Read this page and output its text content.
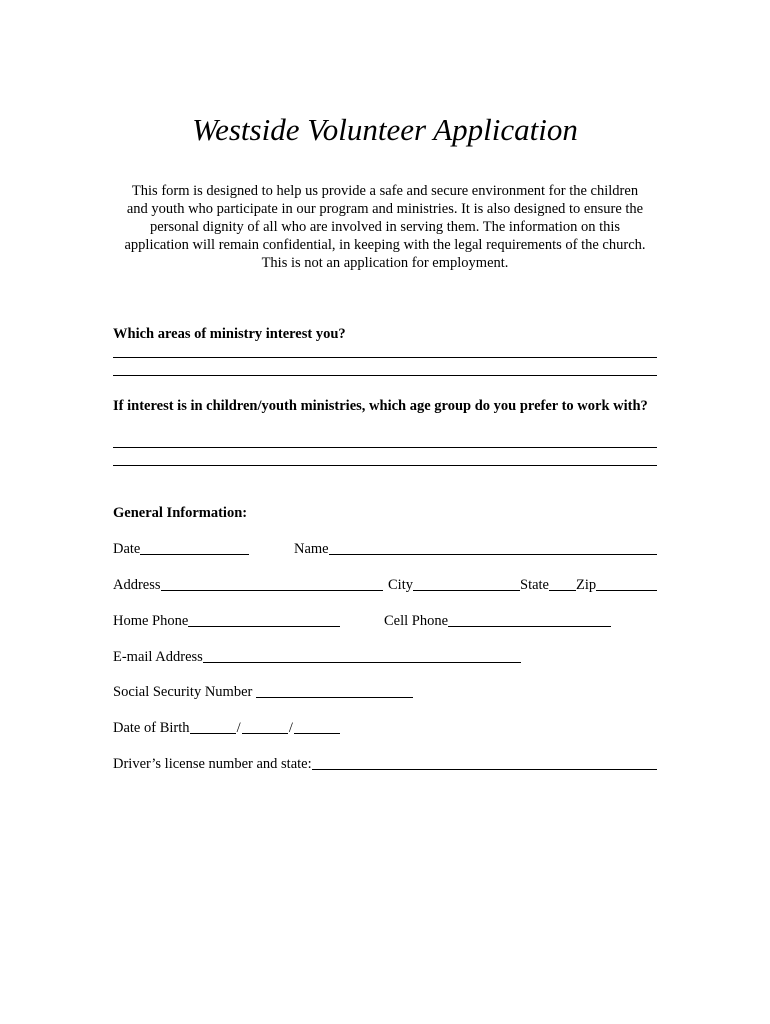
Westside Volunteer Application
This form is designed to help us provide a safe and secure environment for the children
and youth who participate in our program and ministries. It is also designed to ensure the
personal dignity of all who are involved in serving them. The information on this
application will remain confidential, in keeping with the legal requirements of the church.
This is not an application for employment.
Which areas of ministry interest you?
If interest is in children/youth ministries, which age group do you prefer to work with?
General Information:
Date	Name
Address	City	State Zip
Home Phone	Cell Phone
E-mail Address
Social Security Number
Date of Birth	/	/
Driver’s license number and state:
